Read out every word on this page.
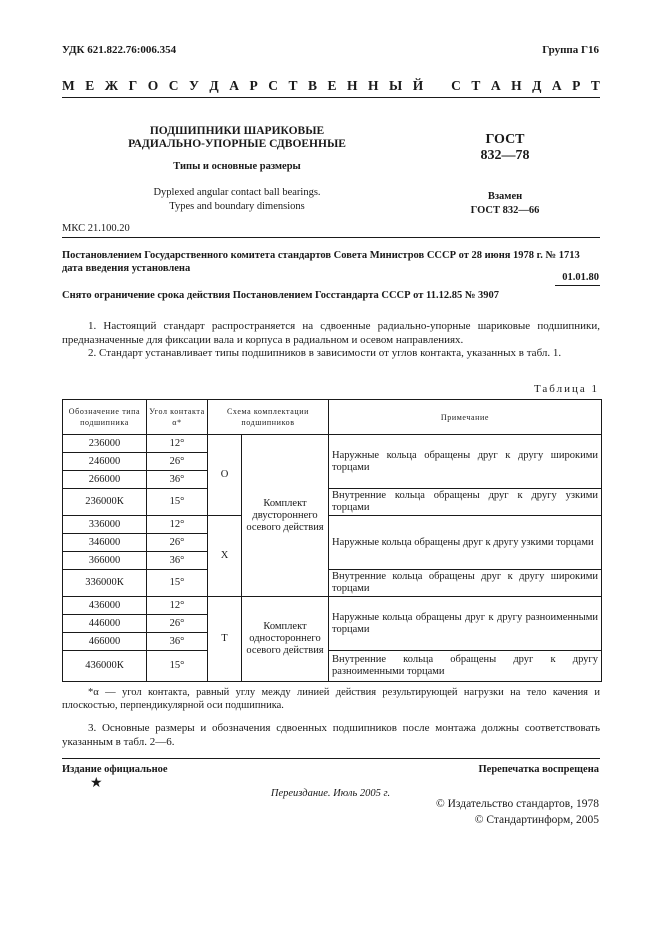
УДК 621.822.76:006.354	Группа Г16
М Е Ж Г О С У Д А Р С Т В Е Н Н Ы Й
С Т А Н Д А Р Т
ПОДШИПНИКИ ШАРИКОВЫЕ
РАДИАЛЬНО-УПОРНЫЕ СДВОЕННЫЕ
Типы и основные размеры
Dyplexed angular contact ball bearings.
Types and boundary dimensions
ГОСТ
832—78
Взамен
ГОСТ 832—66
МКС 21.100.20
Постановлением Государственного комитета стандартов Совета Министров СССР от 28 июня 1978 г. № 1713 дата введения установлена
01.01.80
Снято ограничение срока действия Постановлением Госстандарта СССР от 11.12.85 № 3907
1. Настоящий стандарт распространяется на сдвоенные радиально-упорные шариковые подшипники, предназначенные для фиксации вала и корпуса в радиальном и осевом направлениях.
2. Стандарт устанавливает типы подшипников в зависимости от углов контакта, указанных в табл. 1.
Таблица 1
Обозначение типа подшипника	Угол контакта α*	Схема комплектации подшипников		Примечание
236000	12°	О	Комплект двустороннего осевого действия	Наружные кольца обращены друг к другу широкими торцами
246000	26°			
266000	36°			
236000К	15°			Внутренние кольца обращены друг к другу узкими торцами
336000	12°	Х		Наружные кольца обращены друг к другу узкими торцами
346000	26°			
366000	36°			
336000К	15°			Внутренние кольца обращены друг к другу широкими торцами
436000	12°	Т	Комплект одностороннего осевого действия	Наружные кольца обращены друг к другу разноименными торцами
446000	26°			
466000	36°			
436000К	15°			Внутренние кольца обращены друг к другу разноименными торцами
*α — угол контакта, равный углу между линией действия результирующей нагрузки на тело качения и плоскостью, перпендикулярной оси подшипника.
3. Основные размеры и обозначения сдвоенных подшипников после монтажа должны соответствовать указанным в табл. 2—6.
Издание официальное	Перепечатка воспрещена
★
Переиздание. Июль 2005 г.
© Издательство стандартов, 1978
© Стандартинформ, 2005
